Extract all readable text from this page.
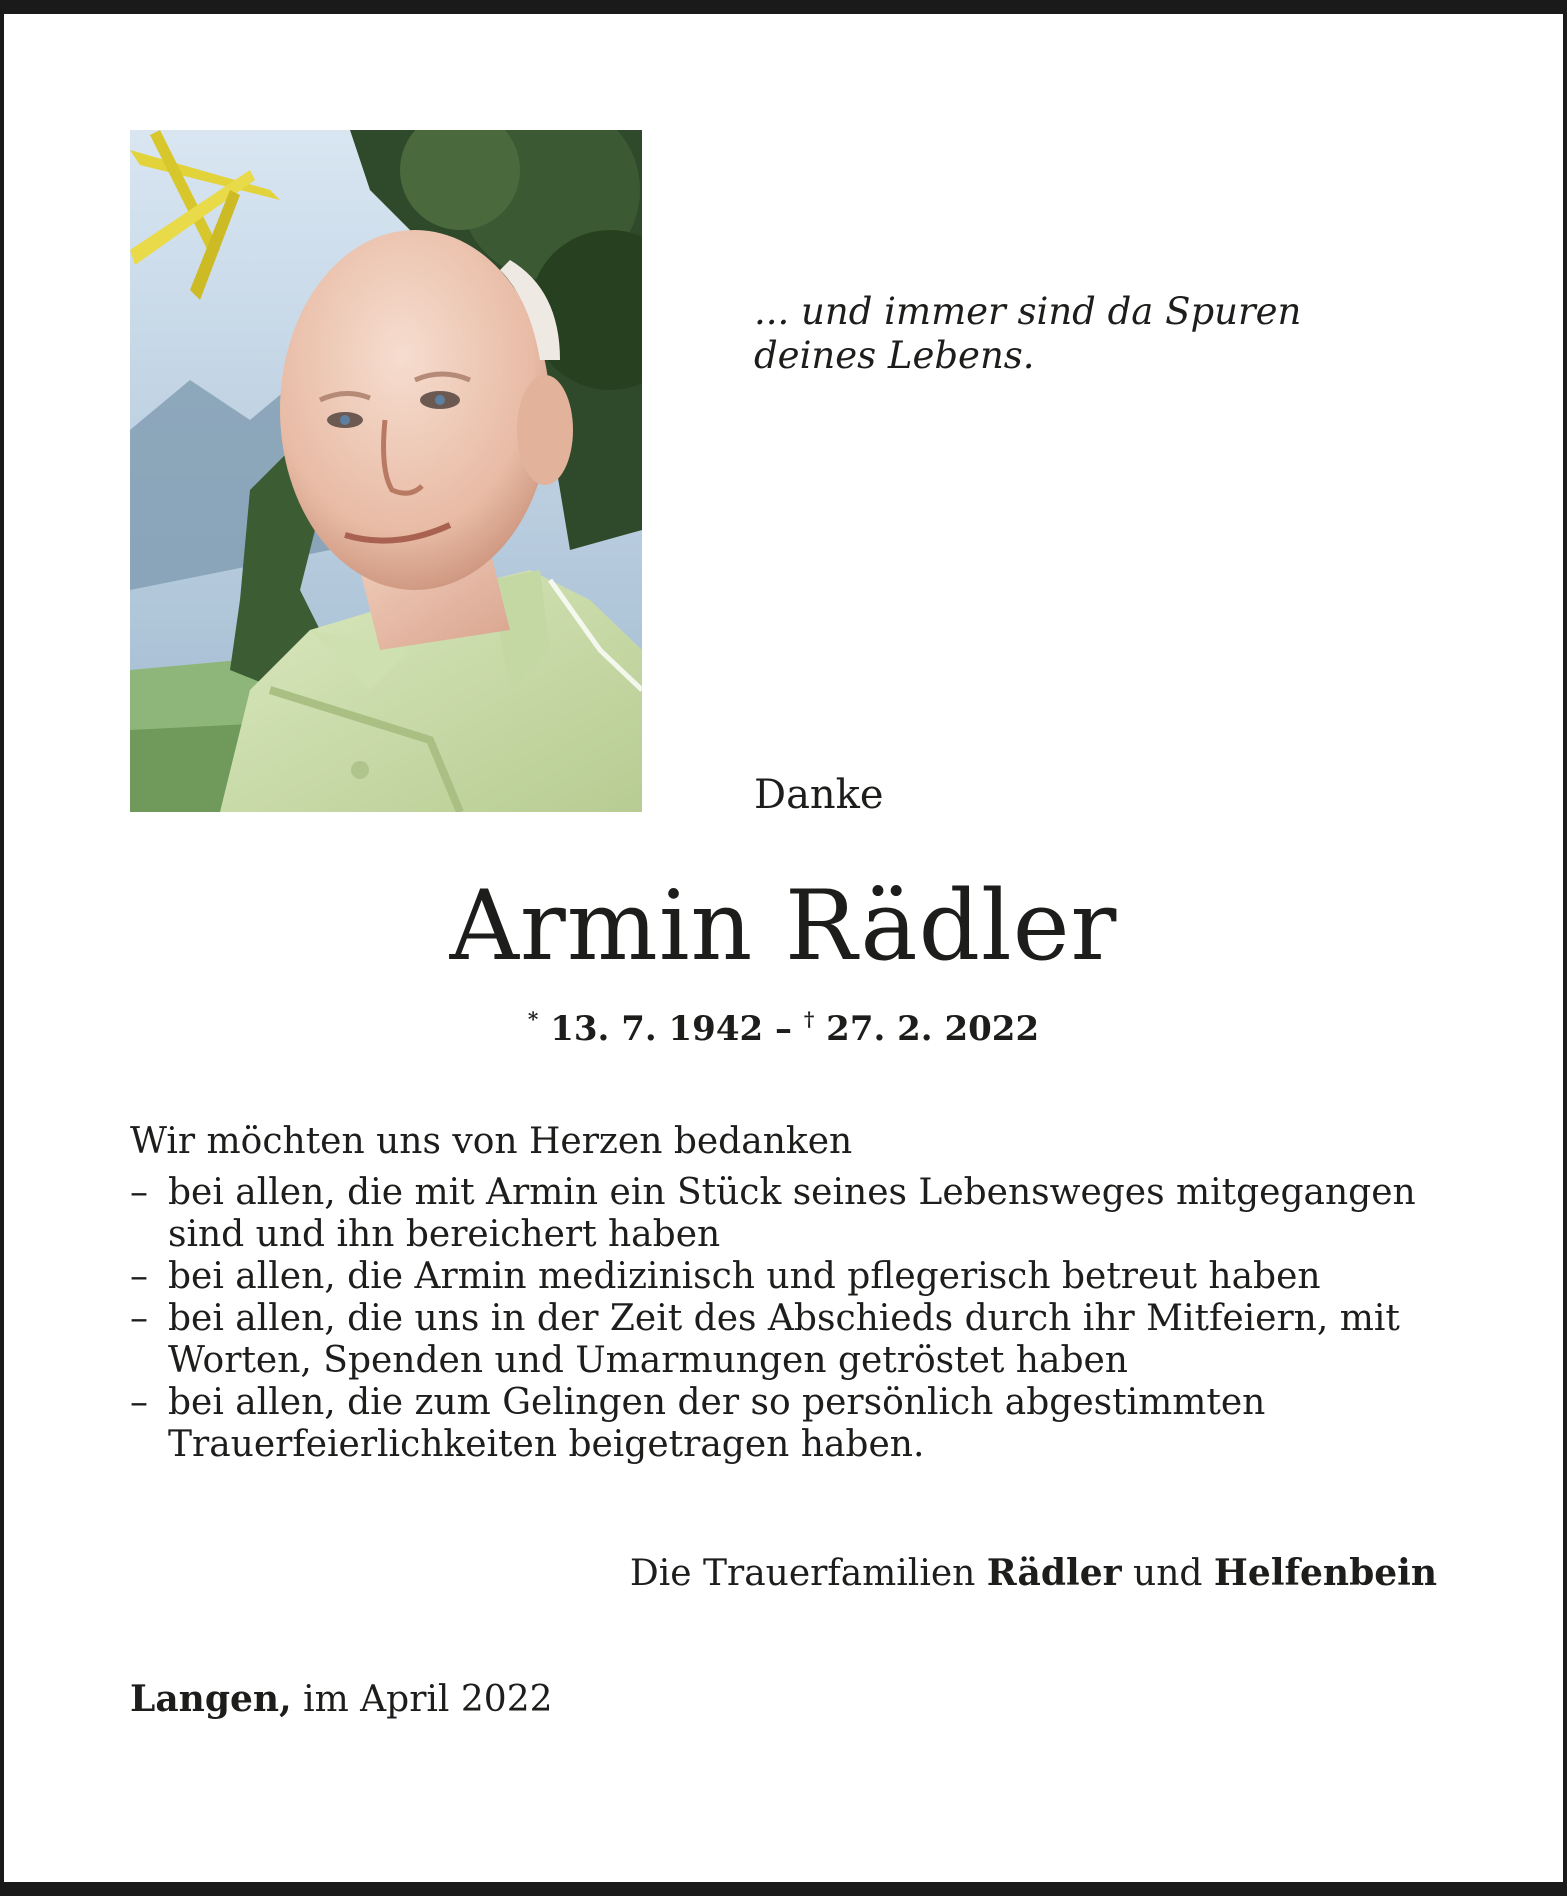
... und immer sind da Spuren
deines Lebens.
Danke
Armin Rädler
* 13. 7. 1942 – † 27. 2. 2022
Wir möchten uns von Herzen bedanken
– bei allen, die mit Armin ein Stück seines Lebensweges mitgegangen sind und ihn bereichert haben
– bei allen, die Armin medizinisch und pflegerisch betreut haben
– bei allen, die uns in der Zeit des Abschieds durch ihr Mitfeiern, mit Worten, Spenden und Umarmungen getröstet haben
– bei allen, die zum Gelingen der so persönlich abgestimmten Trauerfeierlichkeiten beigetragen haben.
Die Trauerfamilien Rädler und Helfenbein
Langen, im April 2022
